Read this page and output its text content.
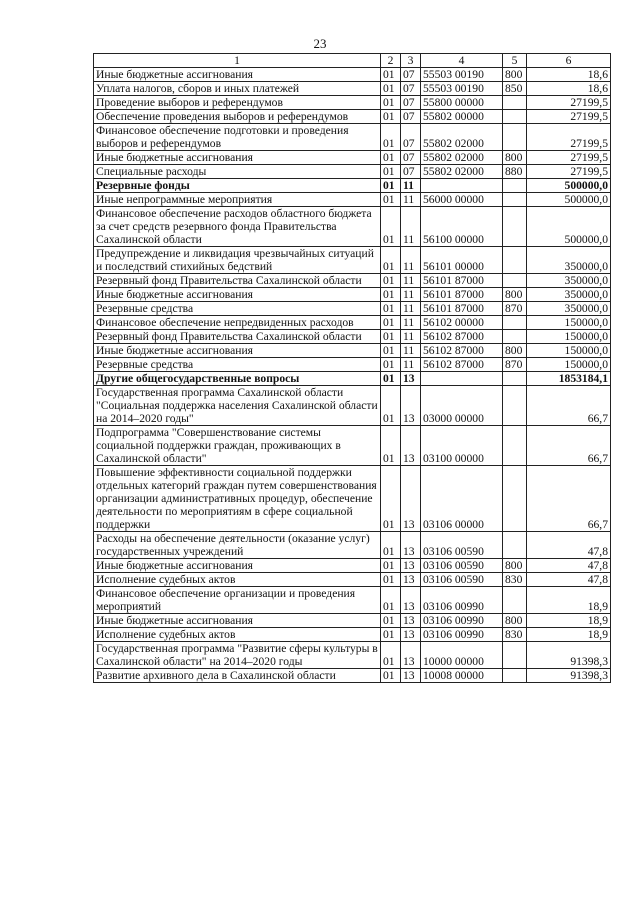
23
1	2	3	4	5	6
Иные бюджетные ассигнования	01	07	55503 00190	800	18,6
Уплата налогов, сборов и иных платежей	01	07	55503 00190	850	18,6
Проведение выборов и референдумов	01	07	55800 00000		27199,5
Обеспечение проведения выборов и референдумов	01	07	55802 00000		27199,5
Финансовое обеспечение подготовки и проведения выборов и референдумов	01	07	55802 02000		27199,5
Иные бюджетные ассигнования	01	07	55802 02000	800	27199,5
Специальные расходы	01	07	55802 02000	880	27199,5
Резервные фонды	01	11			500000,0
Иные непрограммные мероприятия	01	11	56000 00000		500000,0
Финансовое обеспечение расходов областного бюджета за счет средств резервного фонда Правительства Сахалинской области	01	11	56100 00000		500000,0
Предупреждение и ликвидация чрезвычайных ситуаций и последствий стихийных бедствий	01	11	56101 00000		350000,0
Резервный фонд Правительства Сахалинской области	01	11	56101 87000		350000,0
Иные бюджетные ассигнования	01	11	56101 87000	800	350000,0
Резервные средства	01	11	56101 87000	870	350000,0
Финансовое обеспечение непредвиденных расходов	01	11	56102 00000		150000,0
Резервный фонд Правительства Сахалинской области	01	11	56102 87000		150000,0
Иные бюджетные ассигнования	01	11	56102 87000	800	150000,0
Резервные средства	01	11	56102 87000	870	150000,0
Другие общегосударственные вопросы	01	13			1853184,1
Государственная программа Сахалинской области "Социальная поддержка населения Сахалинской области на 2014–2020 годы"	01	13	03000 00000		66,7
Подпрограмма "Совершенствование системы социальной поддержки граждан, проживающих в Сахалинской области"	01	13	03100 00000		66,7
Повышение эффективности социальной поддержки отдельных категорий граждан путем совершенствования организации административных процедур, обеспечение деятельности по мероприятиям в сфере социальной поддержки	01	13	03106 00000		66,7
Расходы на обеспечение деятельности (оказание услуг) государственных учреждений	01	13	03106 00590		47,8
Иные бюджетные ассигнования	01	13	03106 00590	800	47,8
Исполнение судебных актов	01	13	03106 00590	830	47,8
Финансовое обеспечение организации и проведения мероприятий	01	13	03106 00990		18,9
Иные бюджетные ассигнования	01	13	03106 00990	800	18,9
Исполнение судебных актов	01	13	03106 00990	830	18,9
Государственная программа "Развитие сферы культуры в Сахалинской области" на 2014–2020 годы	01	13	10000 00000		91398,3
Развитие архивного дела в Сахалинской области	01	13	10008 00000		91398,3
